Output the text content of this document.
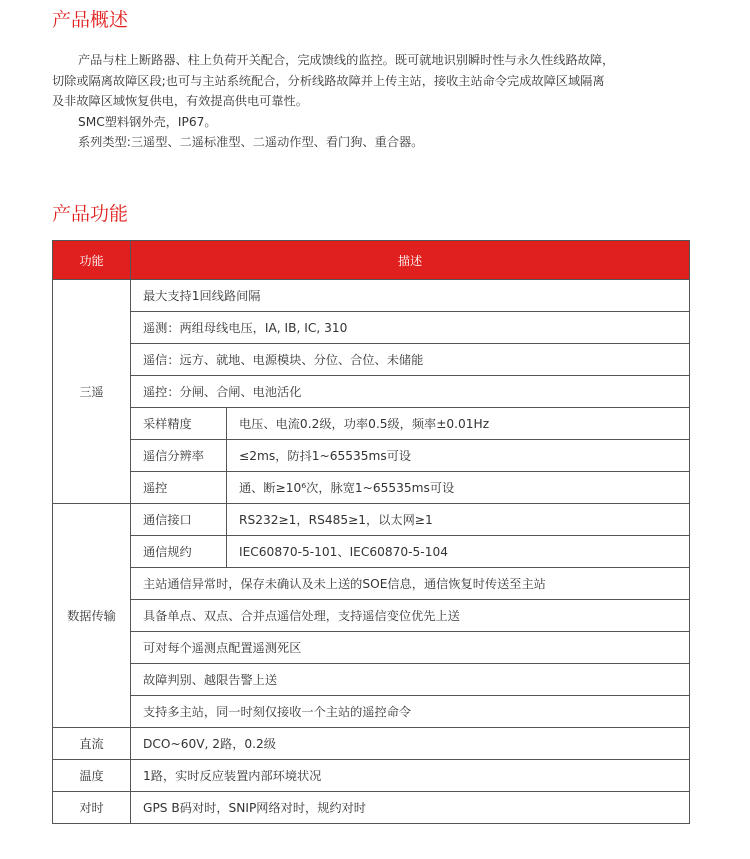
产品概述

产品与柱上断路器、柱上负荷开关配合，完成馈线的监控。既可就地识别瞬时性与永久性线路故障，

切除或隔离故障区段;也可与主站系统配合，分析线路故障并上传主站，接收主站命令完成故障区域隔离

及非故障区域恢复供电，有效提高供电可靠性。

SMC塑料钢外壳，IP67。

系列类型:三遥型、二遥标准型、二遥动作型、看门狗、重合器。

产品功能
功能	描述	
三遥	最大支持1回线路间隔	
	遥测：两组母线电压，IA, IB, IC, 310	
	遥信：远方、就地、电源模块、分位、合位、未储能	
	遥控：分闸、合闸、电池活化	
	采样精度	电压、电流0.2级，功率0.5级，频率±0.01Hz
	遥信分辨率	≤2ms，防抖1~65535ms可设
	遥控	通、断≥10⁶次，脉宽1~65535ms可设
数据传输	通信接口	RS232≥1，RS485≥1，以太网≥1
	通信规约	IEC60870-5-101、IEC60870-5-104
	主站通信异常时，保存未确认及未上送的SOE信息，通信恢复时传送至主站	
	具备单点、双点、合并点遥信处理，支持遥信变位优先上送	
	可对每个遥测点配置遥测死区	
	故障判别、越限告警上送	
	支持多主站，同一时刻仅接收一个主站的遥控命令	
直流	DCO~60V, 2路，0.2级	
温度	1路，实时反应装置内部环境状况	
对时	GPS B码对时，SNIP网络对时，规约对时	
